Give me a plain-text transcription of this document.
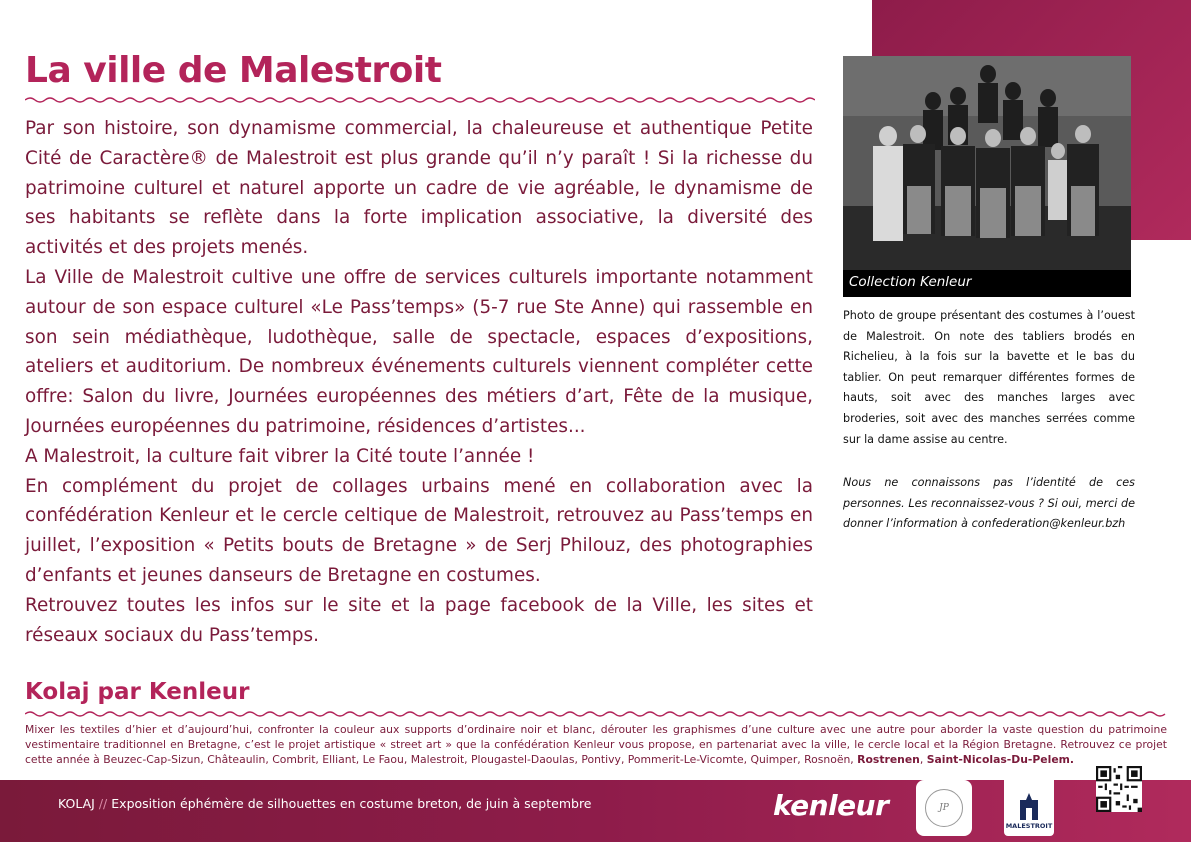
La ville de Malestroit

Par son histoire, son dynamisme commercial, la chaleureuse et authentique Petite Cité de Caractère® de Malestroit est plus grande qu’il n’y paraît ! Si la richesse du patrimoine culturel et naturel apporte un cadre de vie agréable, le dynamisme de ses habitants se reflète dans la forte implication associative, la diversité des activités et des projets menés.

La Ville de Malestroit cultive une offre de services culturels importante notamment autour de son espace culturel «Le Pass’temps» (5-7 rue Ste Anne) qui rassemble en son sein médiathèque, ludothèque, salle de spectacle, espaces d’expositions, ateliers et auditorium. De nombreux événements culturels viennent compléter cette offre: Salon du livre, Journées européennes des métiers d’art, Fête de la musique, Journées européennes du patrimoine, résidences d’artistes...

A Malestroit, la culture fait vibrer la Cité toute l’année !

En complément du projet de collages urbains mené en collaboration avec la confédération Kenleur et le cercle celtique de Malestroit, retrouvez au Pass’temps en juillet, l’exposition « Petits bouts de Bretagne » de Serj Philouz, des photographies d’enfants et jeunes danseurs de Bretagne en costumes.

Retrouvez toutes les infos sur le site et la page facebook de la Ville, les sites et réseaux sociaux du Pass’temps.

Collection Kenleur

Photo de groupe présentant des costumes à l’ouest de Malestroit. On note des tabliers brodés en Richelieu, à la fois sur la bavette et le bas du tablier. On peut remarquer différentes formes de hauts, soit avec des manches larges avec broderies, soit avec des manches serrées comme sur la dame assise au centre.

Nous ne connaissons pas l’identité de ces personnes. Les reconnaissez-vous ? Si oui, merci de donner l’information à confederation@kenleur.bzh

Kolaj par Kenleur

Mixer les textiles d’hier et d’aujourd’hui, confronter la couleur aux supports d’ordinaire noir et blanc, dérouter les graphismes d’une culture avec une autre pour aborder la vaste question du patrimoine vestimentaire traditionnel en Bretagne, c’est le projet artistique « street art » que la confédération Kenleur vous propose, en partenariat avec la ville, le cercle local et la Région Bretagne. Retrouvez ce projet cette année à Beuzec-Cap-Sizun, Châteaulin, Combrit, Elliant, Le Faou, Malestroit, Plougastel-Daoulas, Pontivy, Pommerit-Le-Vicomte, Quimper, Rosnoën, Rostrenen, Saint-Nicolas-Du-Pelem.

KOLAJ // Exposition éphémère de silhouettes en costume breton, de juin à septembre	kenleur	JP
MALESTROIT
